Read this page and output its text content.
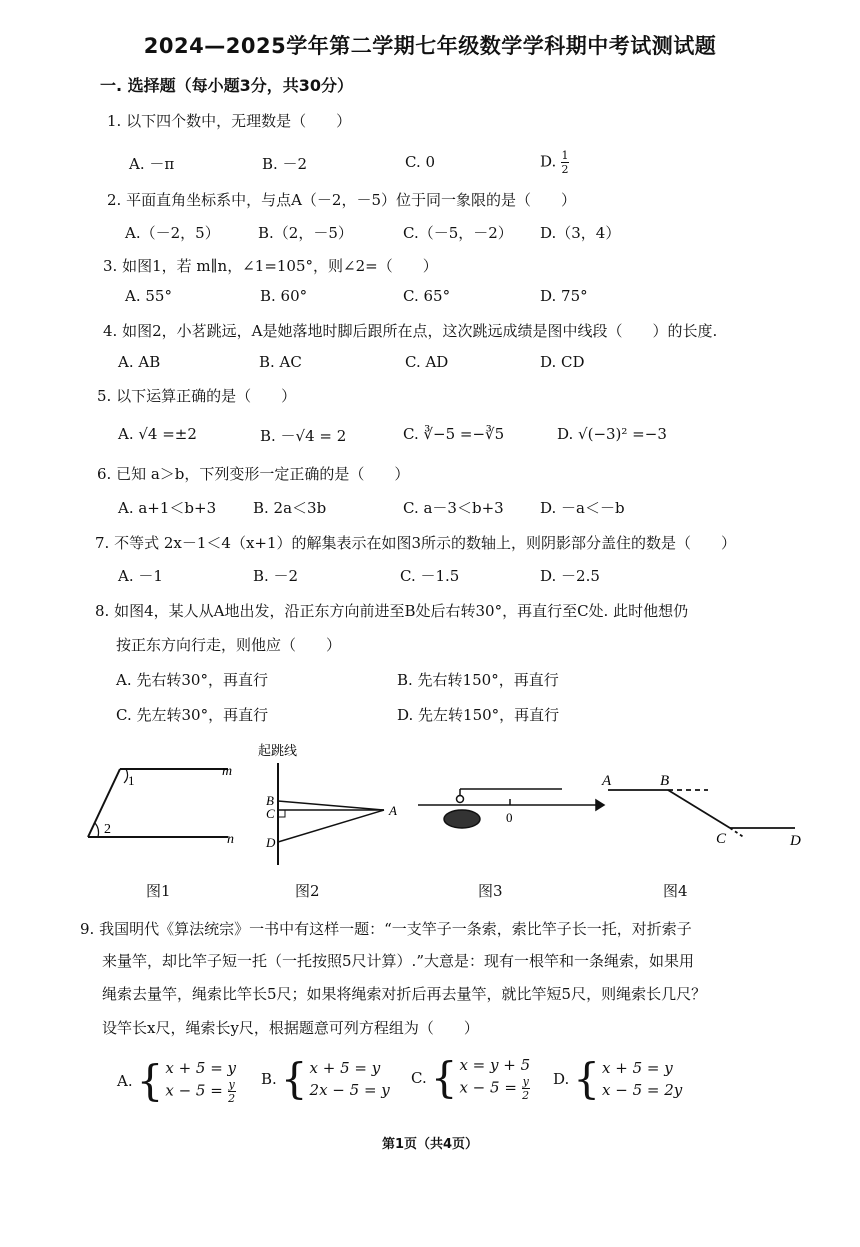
2024—2025学年第二学期七年级数学学科期中考试测试题
一. 选择题（每小题3分，共30分）
1. 以下四个数中，无理数是（　　）
A. －π	B. －2	C. 0	D. $\frac{1}{2}$
2. 平面直角坐标系中，与点A（－2，－5）位于同一象限的是（　　）
A.（－2，5）	B.（2，－5）	C.（－5，－2） D.（3，4）
3. 如图1，若 m∥n，∠1=105°，则∠2=（　　）
A. 55°	B. 60°	C. 65°	D. 75°
4. 如图2，小茗跳远，A是她落地时脚后跟所在点，这次跳远成绩是图中线段（　　）的长度.
A. AB	B. AC	C. AD	D. CD
5. 以下运算正确的是（　　）
A. √4 =±2	B. －√4 = 2	C. ∛−5 =−∛5	D. √(−3)² =−3
6. 已知 a＞b，下列变形一定正确的是（　　）
A. a+1＜b+3 B. 2a＜3b	C. a－3＜b+3 D. －a＜－b
7. 不等式 2x－1＜4（x+1）的解集表示在如图3所示的数轴上，则阴影部分盖住的数是（　　）
A. －1	B. －2	C. －1.5	D. －2.5
8. 如图4，某人从A地出发，沿正东方向前进至B处后右转30°，再直行至C处. 此时他想仍
按正东方向行走，则他应（　　）
A. 先右转30°，再直行	B. 先右转150°，再直行
C. 先左转30°，再直行	D. 先左转150°，再直行
m
n
1
2
起跳线
B
C
D
A	0
A	B
C	D
图1	图2	图3	图4
9. 我国明代《算法统宗》一书中有这样一题：“一支竿子一条索，索比竿子长一托，对折索子
来量竿，却比竿子短一托（一托按照5尺计算）.”大意是：现有一根竿和一条绳索，如果用
绳索去量竿，绳索比竿长5尺；如果将绳索对折后再去量竿，就比竿短5尺，则绳索长几尺？
设竿长x尺，绳索长y尺，根据题意可列方程组为（　　）
A. { x + 5 = y
$x - 5 = \frac{y}{2} B$. { x + 5 = y
2x − 5 = y
C. { x = y + 5
$x - 5 = \frac{y}{2} D$. { x + 5 = y
x − 5 = 2y
第1页（共4页）
